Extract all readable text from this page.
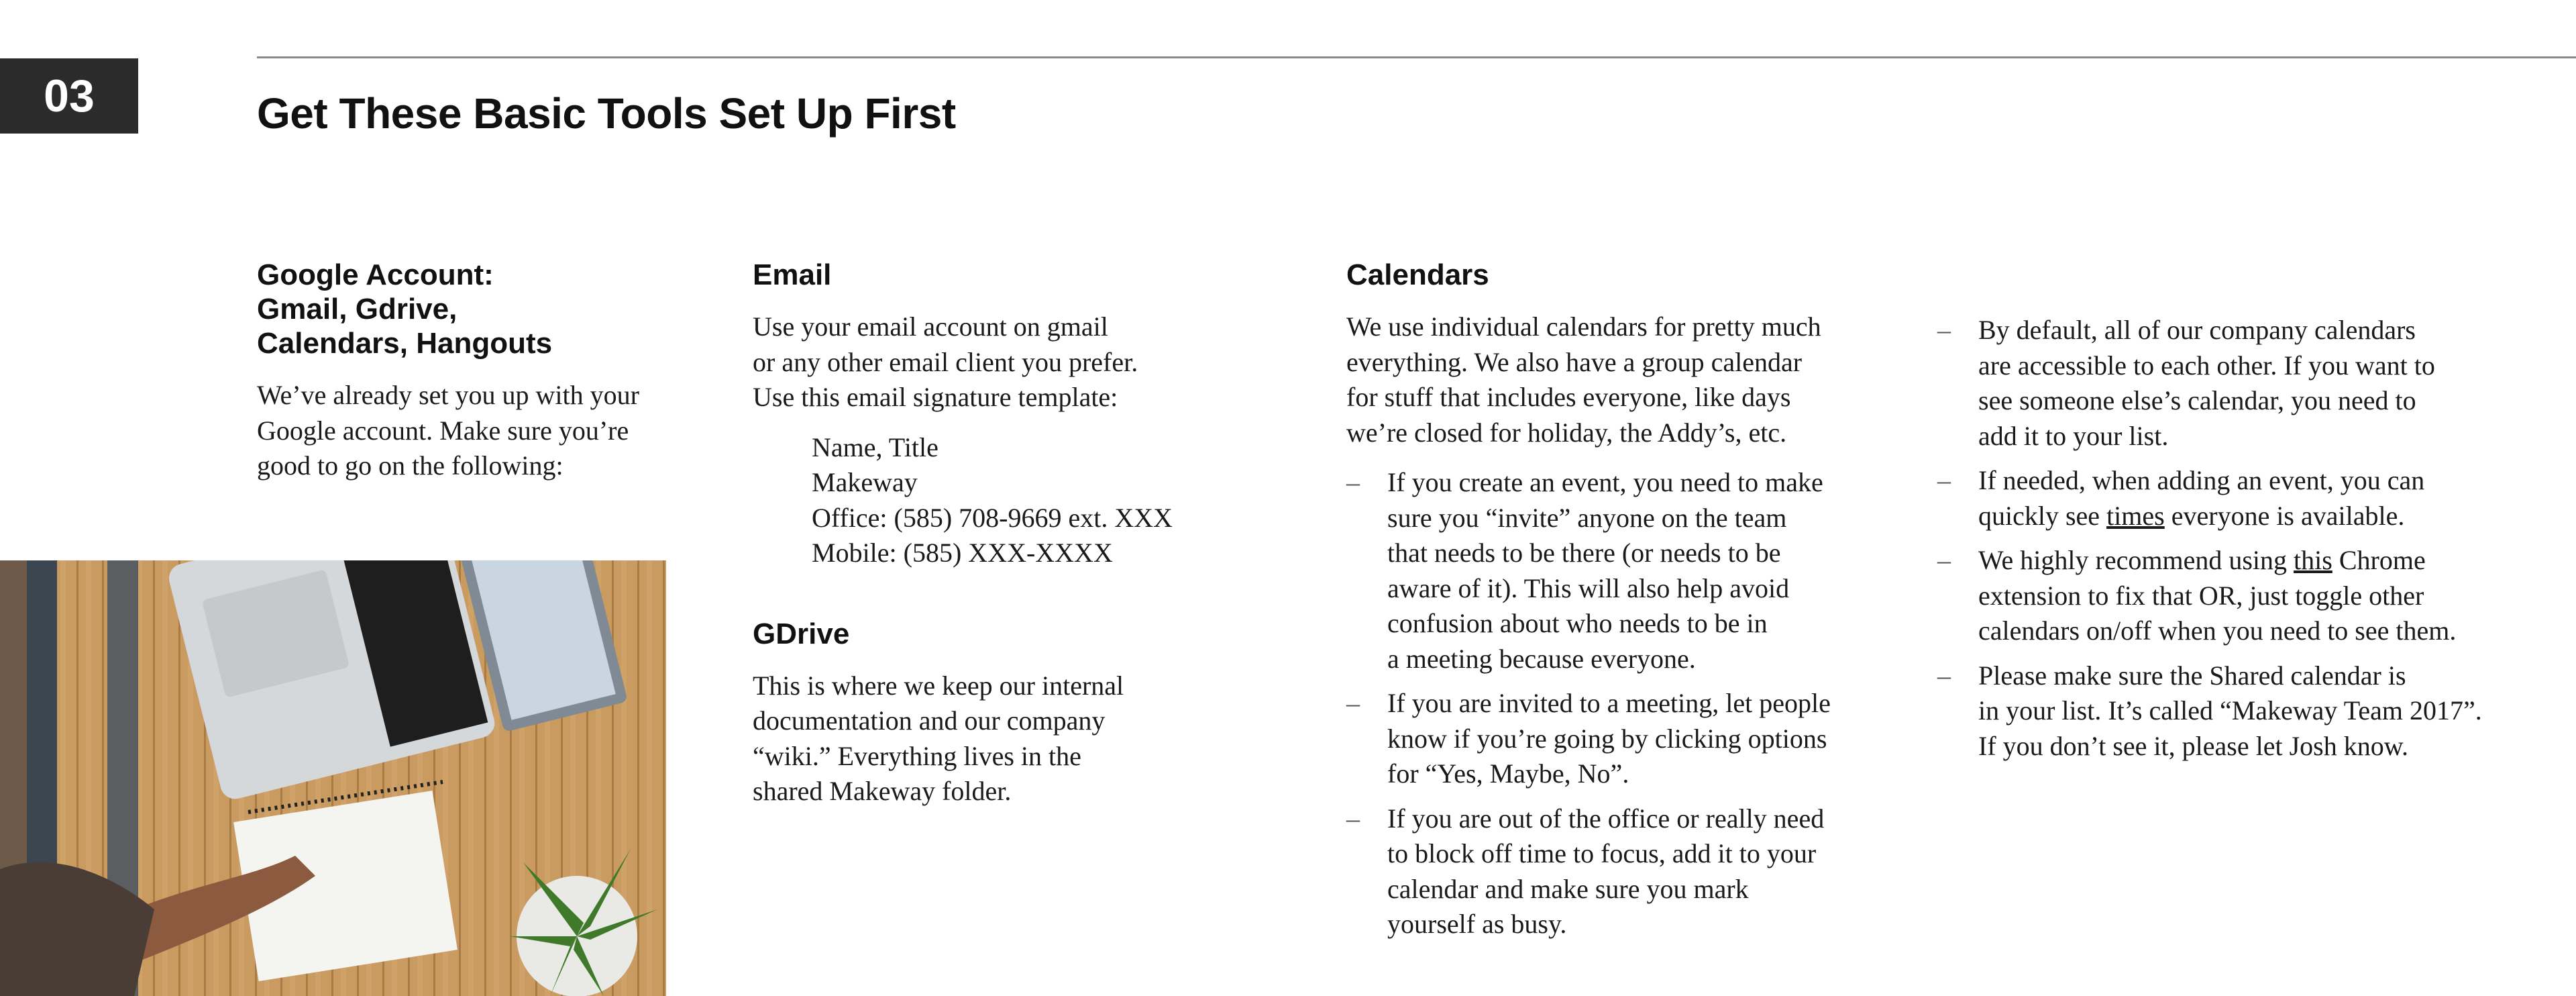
03	Get These Basic Tools Set Up First
Google Account:
Gmail, Gdrive,
Calendars, Hangouts

We’ve already set you up with your
Google account. Make sure you’re
good to go on the following:

Email

Use your email account on gmail
or any other email client you prefer.
Use this email signature template:

Name, Title
Makeway
Office: (585) 708-9669 ext. XXX
Mobile: (585) XXX-XXXX
GDrive

This is where we keep our internal
documentation and our company
“wiki.” Everything lives in the
shared Makeway folder.

Calendars

We use individual calendars for pretty much
everything. We also have a group calendar
for stuff that includes everyone, like days
we’re closed for holiday, the Addy’s, etc.

– If you create an event, you need to make
sure you “invite” anyone on the team
that needs to be there (or needs to be
aware of it). This will also help avoid
confusion about who needs to be in
a meeting because everyone.
– If you are invited to a meeting, let people
know if you’re going by clicking options
for “Yes, Maybe, No”.
– If you are out of the office or really need
to block off time to focus, add it to your
calendar and make sure you mark
yourself as busy.
– By default, all of our company calendars
are accessible to each other. If you want to
see someone else’s calendar, you need to
add it to your list.
– If needed, when adding an event, you can
quickly see times everyone is available.
– We highly recommend using this Chrome
extension to fix that OR, just toggle other
calendars on/off when you need to see them.
– Please make sure the Shared calendar is
in your list. It’s called “Makeway Team 2017”.
If you don’t see it, please let Josh know.
